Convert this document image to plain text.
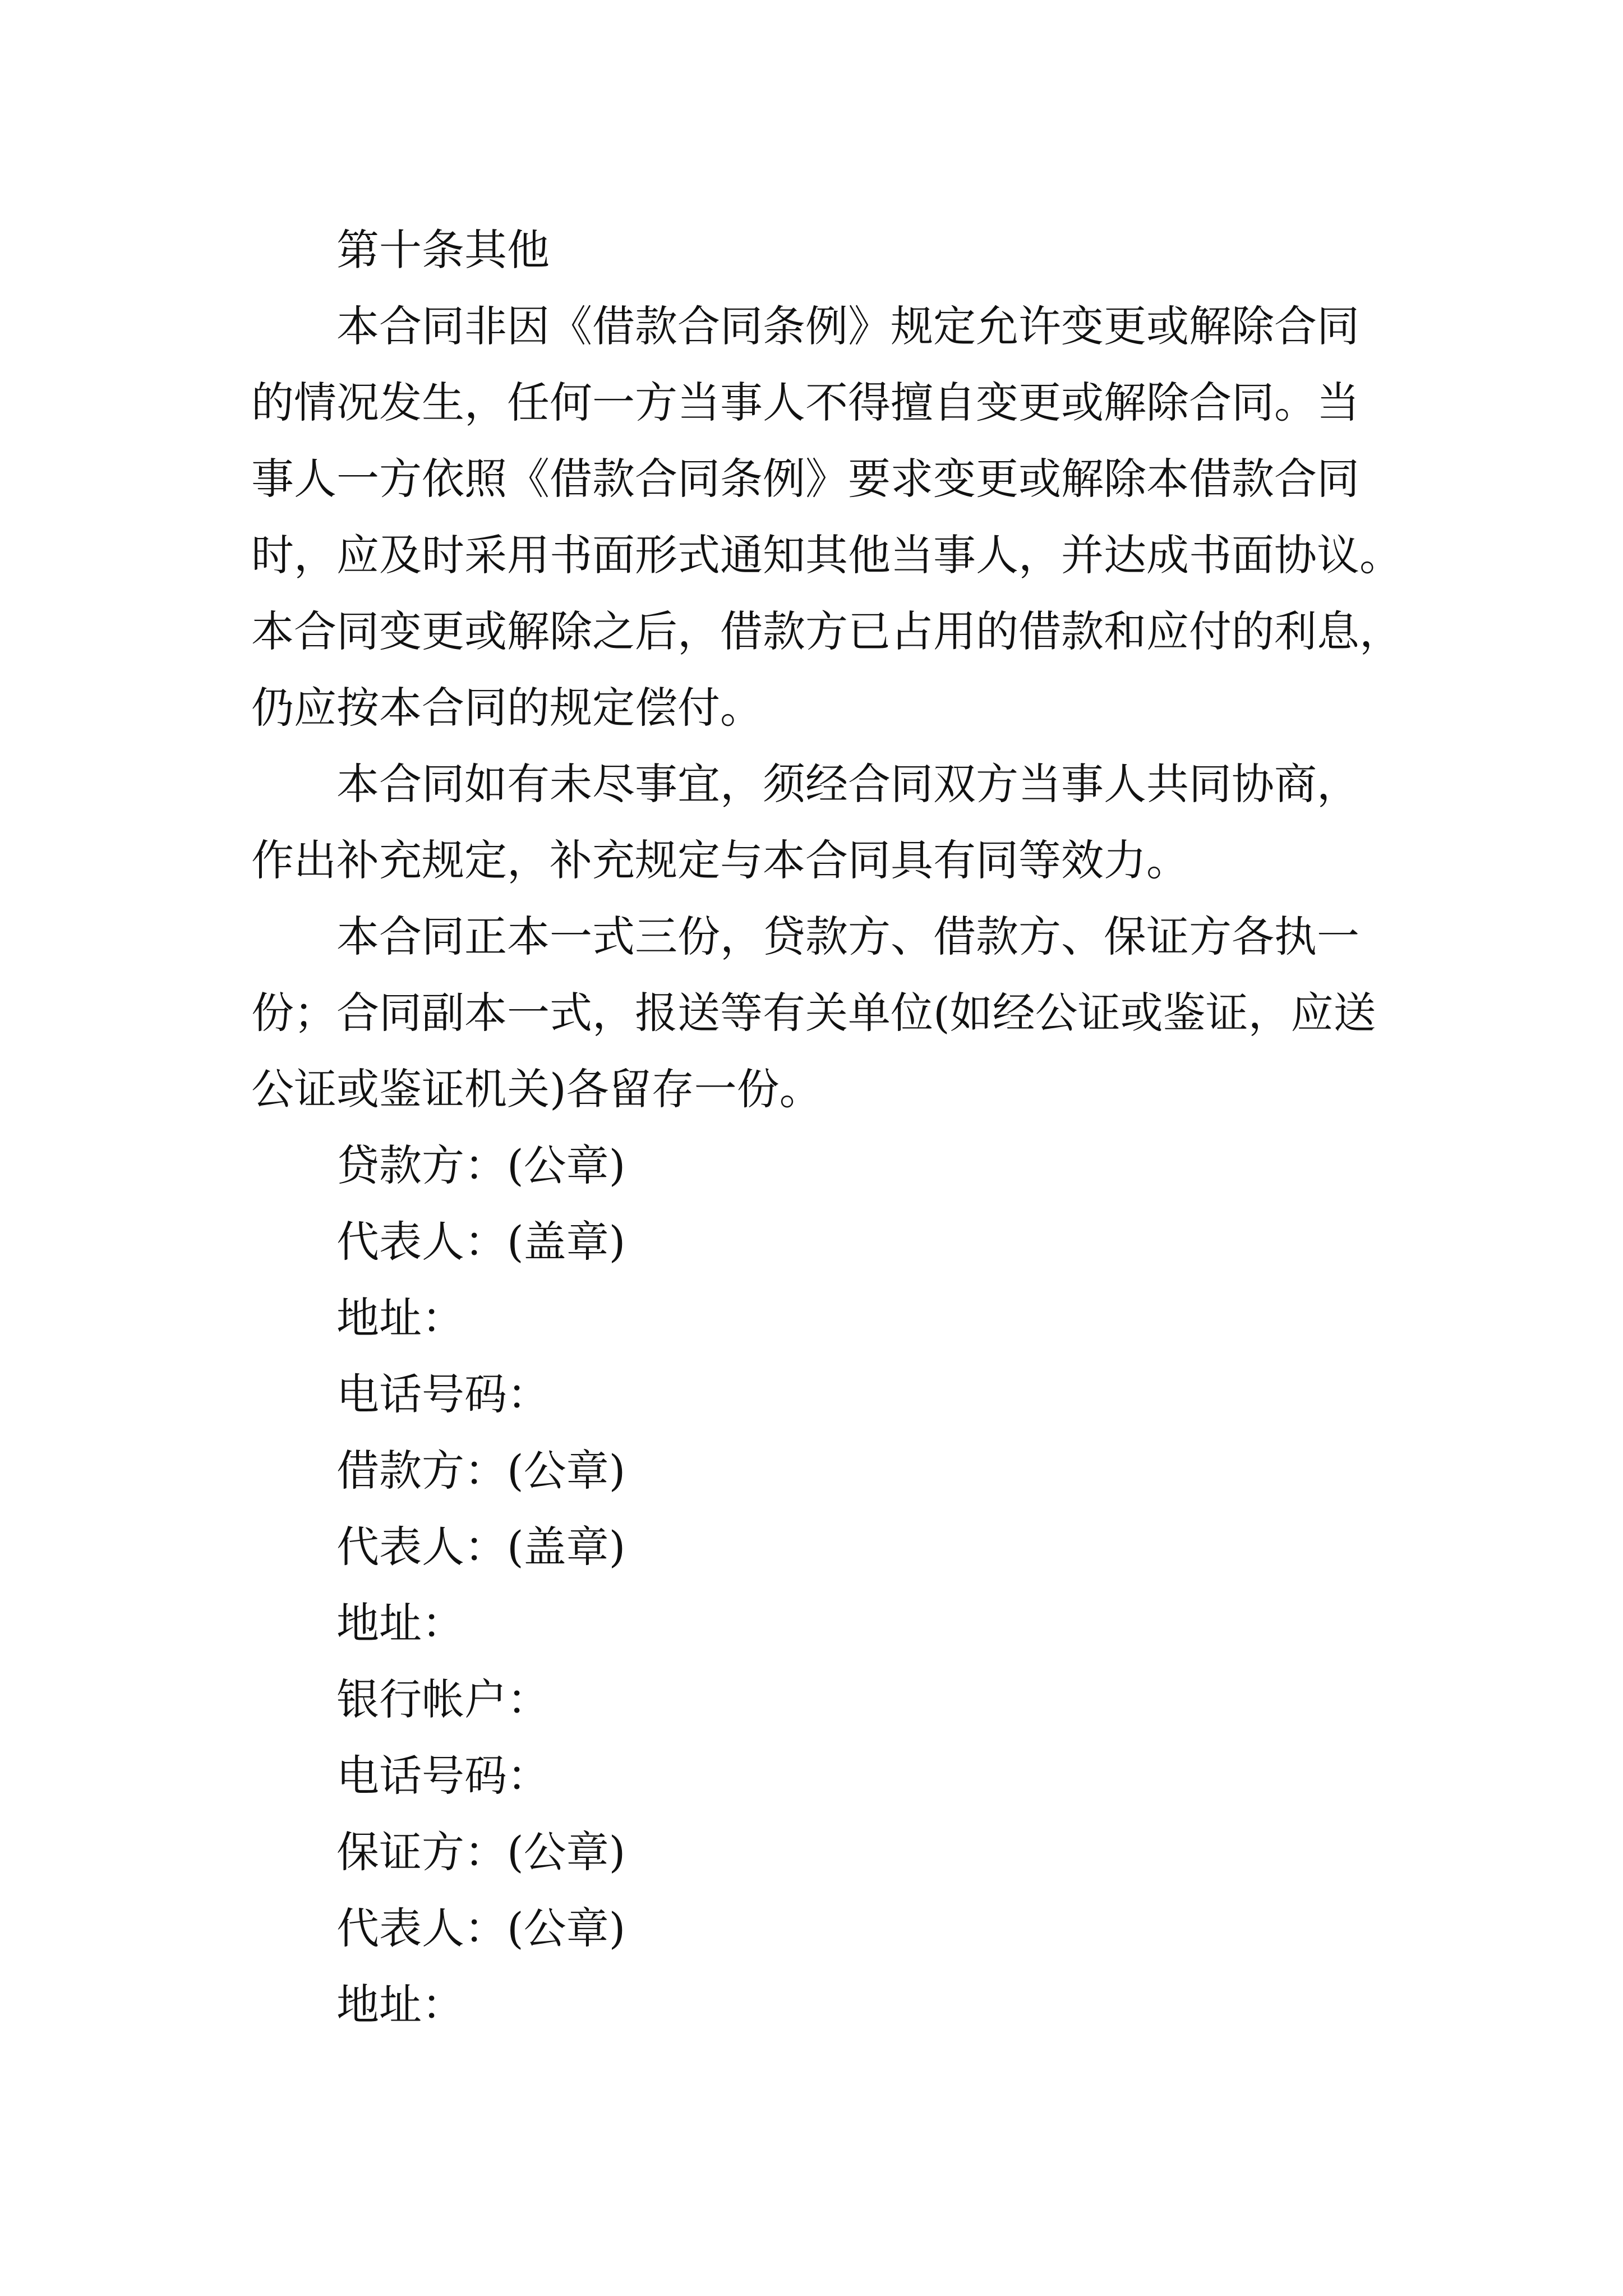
第十条其他
本合同非因《借款合同条例》规定允许变更或解除合同
的情况发生，任何一方当事人不得擅自变更或解除合同。当
事人一方依照《借款合同条例》要求变更或解除本借款合同
时，应及时采用书面形式通知其他当事人，并达成书面协议。
本合同变更或解除之后，借款方已占用的借款和应付的利息，
仍应按本合同的规定偿付。
本合同如有未尽事宜，须经合同双方当事人共同协商，
作出补充规定，补充规定与本合同具有同等效力。
本合同正本一式三份，贷款方、借款方、保证方各执一
份；合同副本一式，报送等有关单位(如经公证或鉴证，应送
公证或鉴证机关)各留存一份。
贷款方：(公章)
代表人：(盖章)
地址：
电话号码：
借款方：(公章)
代表人：(盖章)
地址：
银行帐户：
电话号码：
保证方：(公章)
代表人：(公章)
地址：
